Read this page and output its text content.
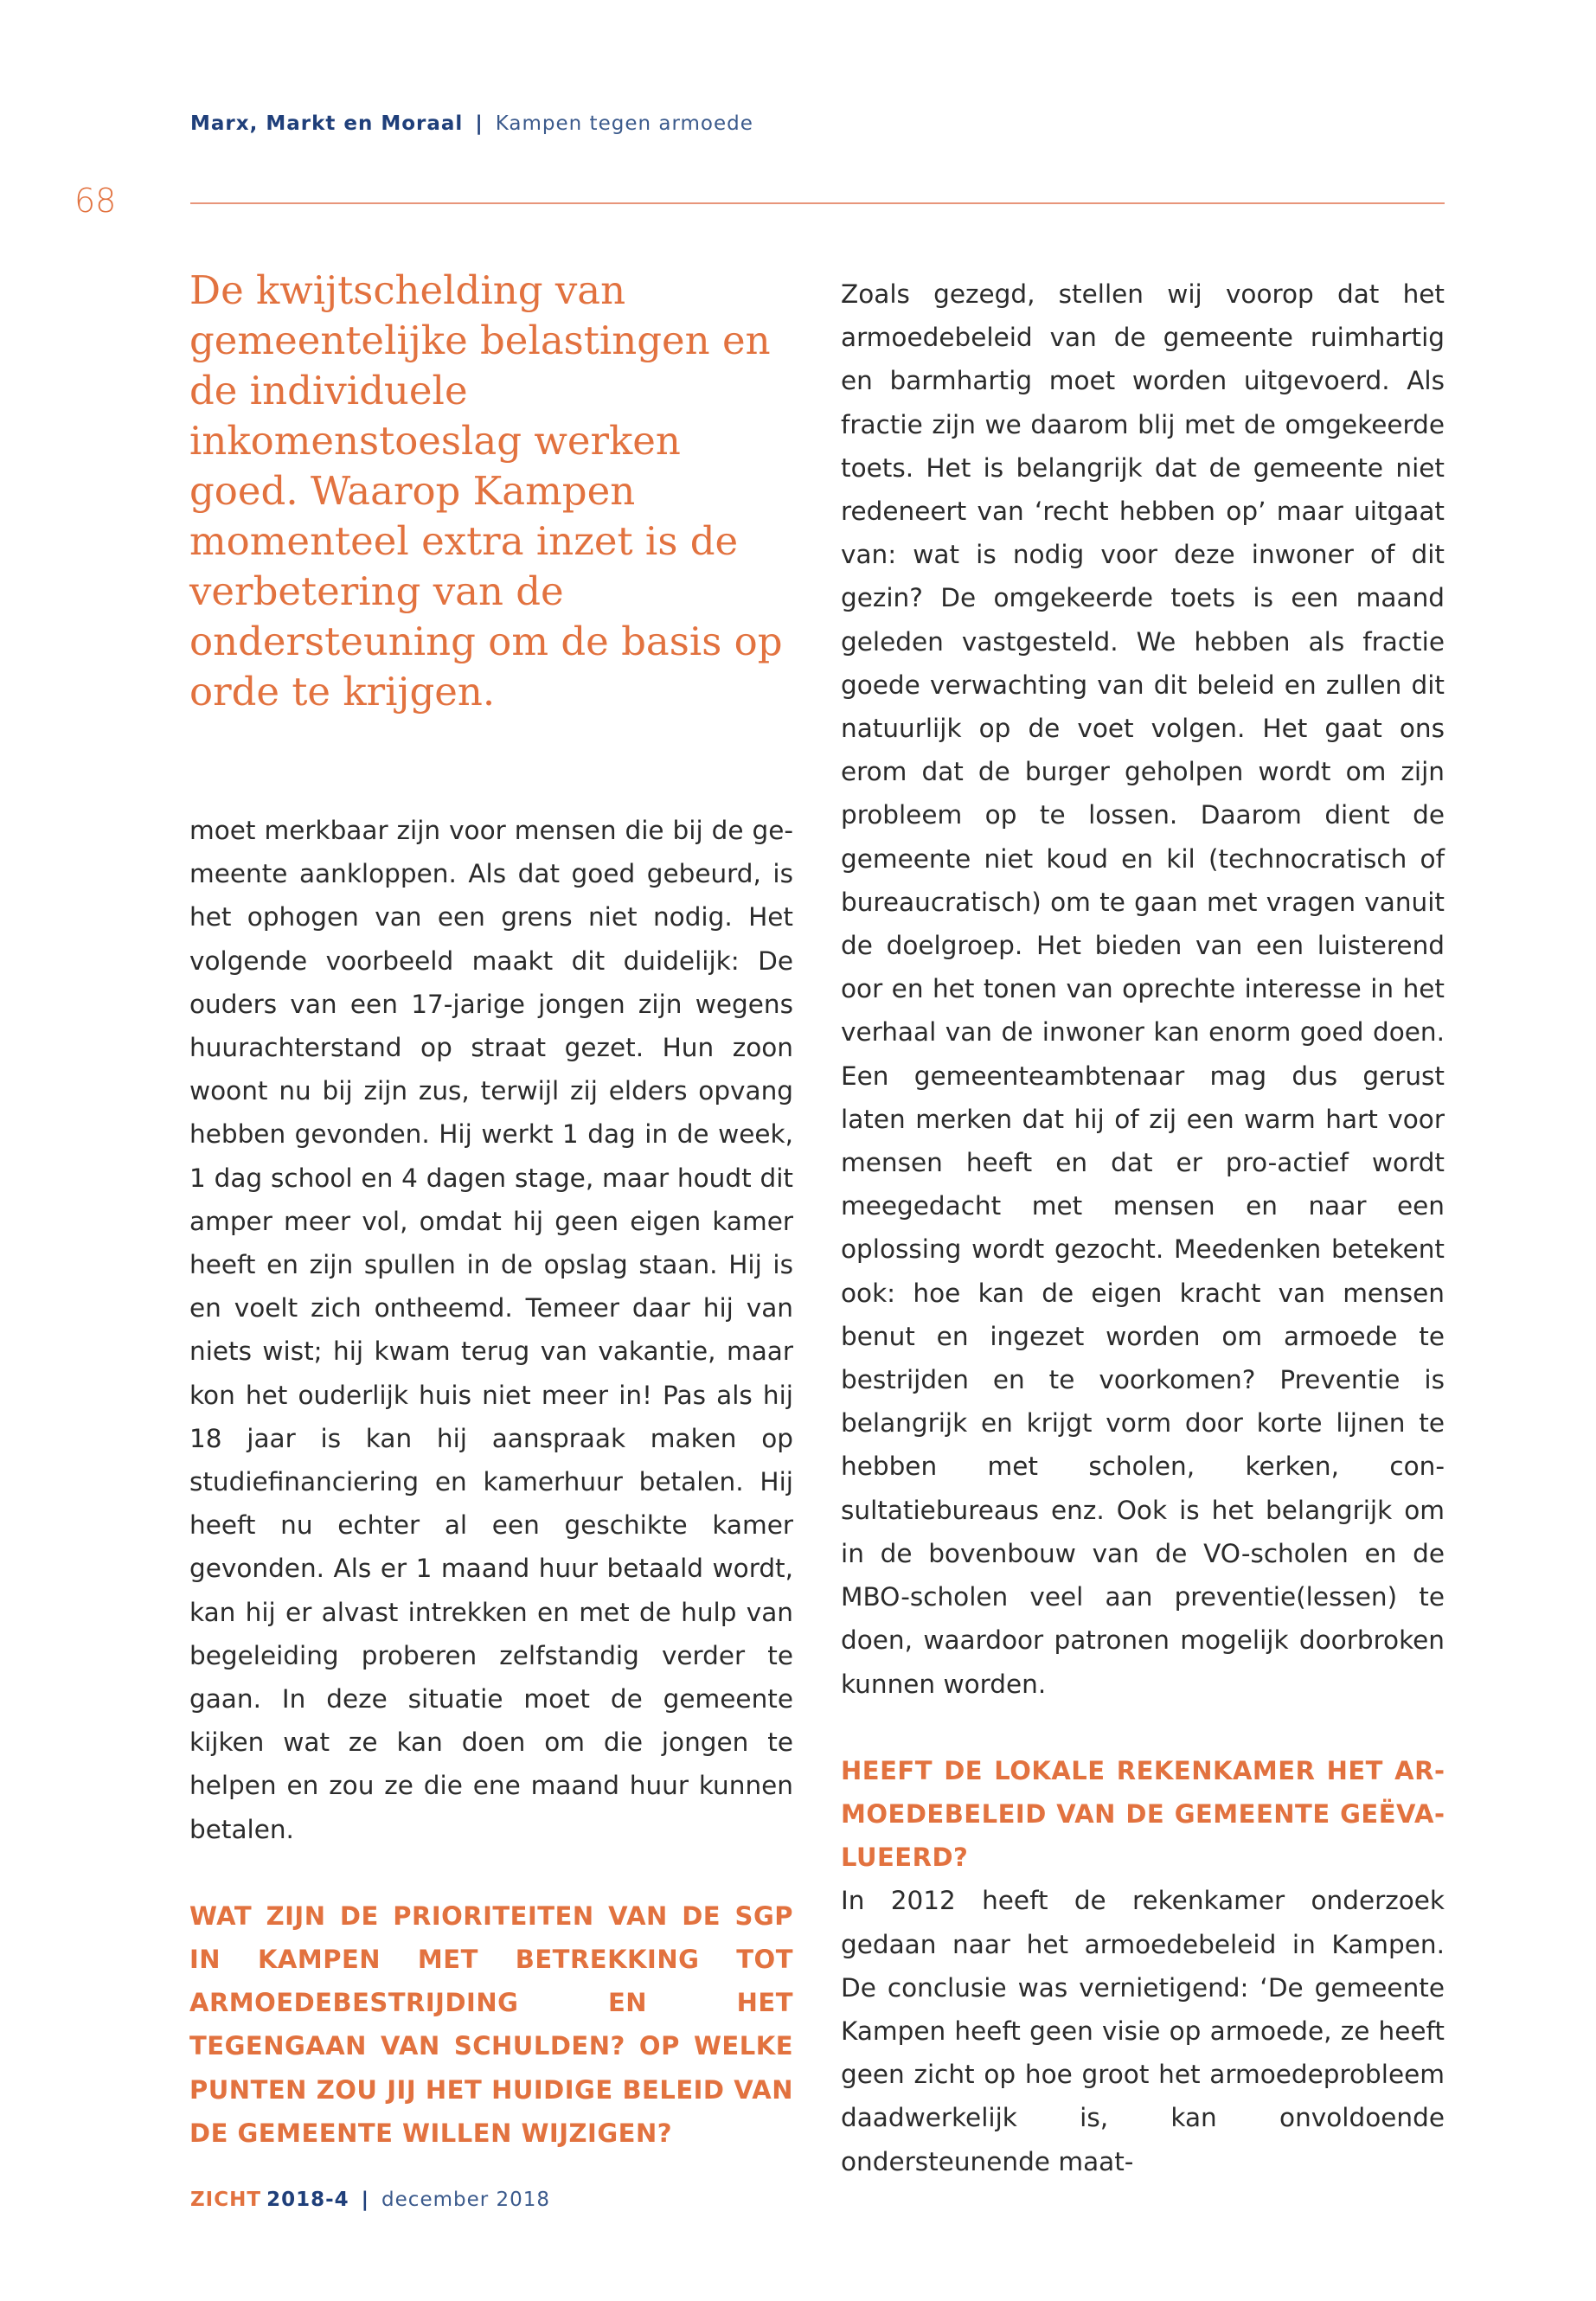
Marx, Markt en Moraal | Kampen tegen armoede
68

De kwijtschelding van gemeentelijke belastingen en de individuele inkomenstoeslag werken goed. Waarop Kampen momenteel extra inzet is de verbetering van de ondersteuning om de basis op orde te krijgen.

moet merkbaar zijn voor mensen die bij de gemeente aankloppen. Als dat goed gebeurd, is het ophogen van een grens niet nodig. Het volgende voorbeeld maakt dit duidelijk: De ouders van een 17-jarige jongen zijn wegens huurachterstand op straat gezet. Hun zoon woont nu bij zijn zus, terwijl zij elders opvang hebben gevonden. Hij werkt 1 dag in de week, 1 dag school en 4 dagen stage, maar houdt dit amper meer vol, omdat hij geen eigen kamer heeft en zijn spullen in de opslag staan. Hij is en voelt zich ontheemd. Temeer daar hij van niets wist; hij kwam terug van vakantie, maar kon het ouderlijk huis niet meer in! Pas als hij 18 jaar is kan hij aanspraak maken op studiefinanciering en kamerhuur betalen. Hij heeft nu echter al een geschikte kamer gevonden. Als er 1 maand huur betaald wordt, kan hij er alvast intrekken en met de hulp van begeleiding proberen zelfstandig verder te gaan. In deze situatie moet de gemeente kijken wat ze kan doen om die jongen te helpen en zou ze die ene maand huur kunnen betalen.

WAT ZIJN DE PRIORITEITEN VAN DE SGP IN KAMPEN MET BETREKKING TOT ARMOEDEBESTRIJDING EN HET TEGENGAAN VAN SCHULDEN? OP WELKE PUNTEN ZOU JIJ HET HUIDIGE BELEID VAN DE GEMEENTE WILLEN WIJZIGEN?

Zoals gezegd, stellen wij voorop dat het armoedebeleid van de gemeente ruimhartig en barmhartig moet worden uitgevoerd. Als fractie zijn we daarom blij met de omgekeerde toets. Het is belangrijk dat de gemeente niet redeneert van ‘recht hebben op’ maar uitgaat van: wat is nodig voor deze inwoner of dit gezin? De omgekeerde toets is een maand geleden vastgesteld. We hebben als fractie goede verwachting van dit beleid en zullen dit natuurlijk op de voet volgen. Het gaat ons erom dat de burger geholpen wordt om zijn probleem op te lossen. Daarom dient de gemeente niet koud en kil (technocratisch of bureaucratisch) om te gaan met vragen vanuit de doelgroep. Het bieden van een luisterend oor en het tonen van oprechte interesse in het verhaal van de inwoner kan enorm goed doen. Een gemeenteambtenaar mag dus gerust laten merken dat hij of zij een warm hart voor mensen heeft en dat er pro-actief wordt meegedacht met mensen en naar een oplossing wordt gezocht. Meedenken betekent ook: hoe kan de eigen kracht van mensen benut en ingezet worden om armoede te bestrijden en te voorkomen? Preventie is belangrijk en krijgt vorm door korte lijnen te hebben met scholen, kerken, consultatiebureaus enz. Ook is het belangrijk om in de bovenbouw van de VO-scholen en de MBO-scholen veel aan preventie(lessen) te doen, waardoor patronen mogelijk doorbroken kunnen worden.

HEEFT DE LOKALE REKENKAMER HET ARMOEDEBELEID VAN DE GEMEENTE GEËVALUEERD?

In 2012 heeft de rekenkamer onderzoek gedaan naar het armoedebeleid in Kampen. De conclusie was vernietigend: ‘De gemeente Kampen heeft geen visie op armoede, ze heeft geen zicht op hoe groot het armoedeprobleem daadwerkelijk is, kan onvoldoende ondersteunende maat-

ZICHT 2018-4 | december 2018
